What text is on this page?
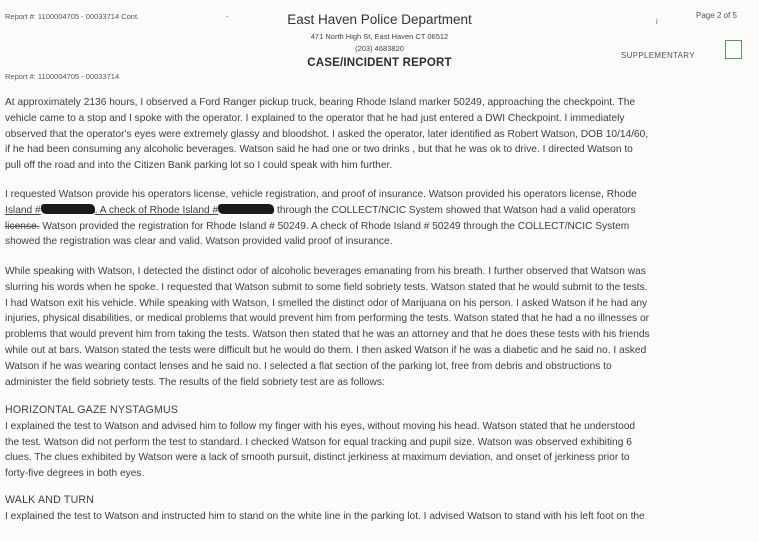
Report #: 1100004705 - 00033714 Cont.	-	East Haven Police Department
471 North High St, East Haven CT 06512
(203) 4683820
Page 2 of 5
i
CASE/INCIDENT REPORT
SUPPLEMENTARY
Report #: 1100004705 - 00033714
At approximately 2136 hours, I observed a Ford Ranger pickup truck, bearing Rhode Island marker 50249, approaching the checkpoint. The
vehicle came to a stop and I spoke with the operator. I explained to the operator that he had just entered a DWI Checkpoint. I immediately
observed that the operator's eyes were extremely glassy and bloodshot. I asked the operator, later identified as Robert Watson, DOB 10/14/60,
if he had been consuming any alcoholic beverages. Watson said he had one or two drinks , but that he was ok to drive. I directed Watson to
pull off the road and into the Citizen Bank parking lot so I could speak with him further.
I requested Watson provide his operators license, vehicle registration, and proof of insurance. Watson provided his operators license, Rhode
Island #	. A check of Rhode Island #	through the COLLECT/NCIC System showed that Watson had a valid operators
license. Watson provided the registration for Rhode Island # 50249. A check of Rhode Island # 50249 through the COLLECT/NCIC System
showed the registration was clear and valid. Watson provided valid proof of insurance.
While speaking with Watson, I detected the distinct odor of alcoholic beverages emanating from his breath. I further observed that Watson was
slurring his words when he spoke. I requested that Watson submit to some field sobriety tests. Watson stated that he would submit to the tests.
I had Watson exit his vehicle. While speaking with Watson, I smelled the distinct odor of Marijuana on his person. I asked Watson if he had any
injuries, physical disabilities, or medical problems that would prevent him from performing the tests. Watson stated that he had a no illnesses or
problems that would prevent him from taking the tests. Watson then stated that he was an attorney and that he does these tests with his friends
while out at bars. Watson stated the tests were difficult but he would do them. I then asked Watson if he was a diabetic and he said no. I asked
Watson if he was wearing contact lenses and he said no. I selected a flat section of the parking lot, free from debris and obstructions to
administer the field sobriety tests. The results of the field sobriety test are as follows:
HORIZONTAL GAZE NYSTAGMUS
I explained the test to Watson and advised him to follow my finger with his eyes, without moving his head. Watson stated that he understood
the test. Watson did not perform the test to standard. I checked Watson for equal tracking and pupil size. Watson was observed exhibiting 6
clues. The clues exhibited by Watson were a lack of smooth pursuit, distinct jerkiness at maximum deviation, and onset of jerkiness prior to
forty-five degrees in both eyes.
WALK AND TURN
I explained the test to Watson and instructed him to stand on the white line in the parking lot. I advised Watson to stand with his left foot on the
